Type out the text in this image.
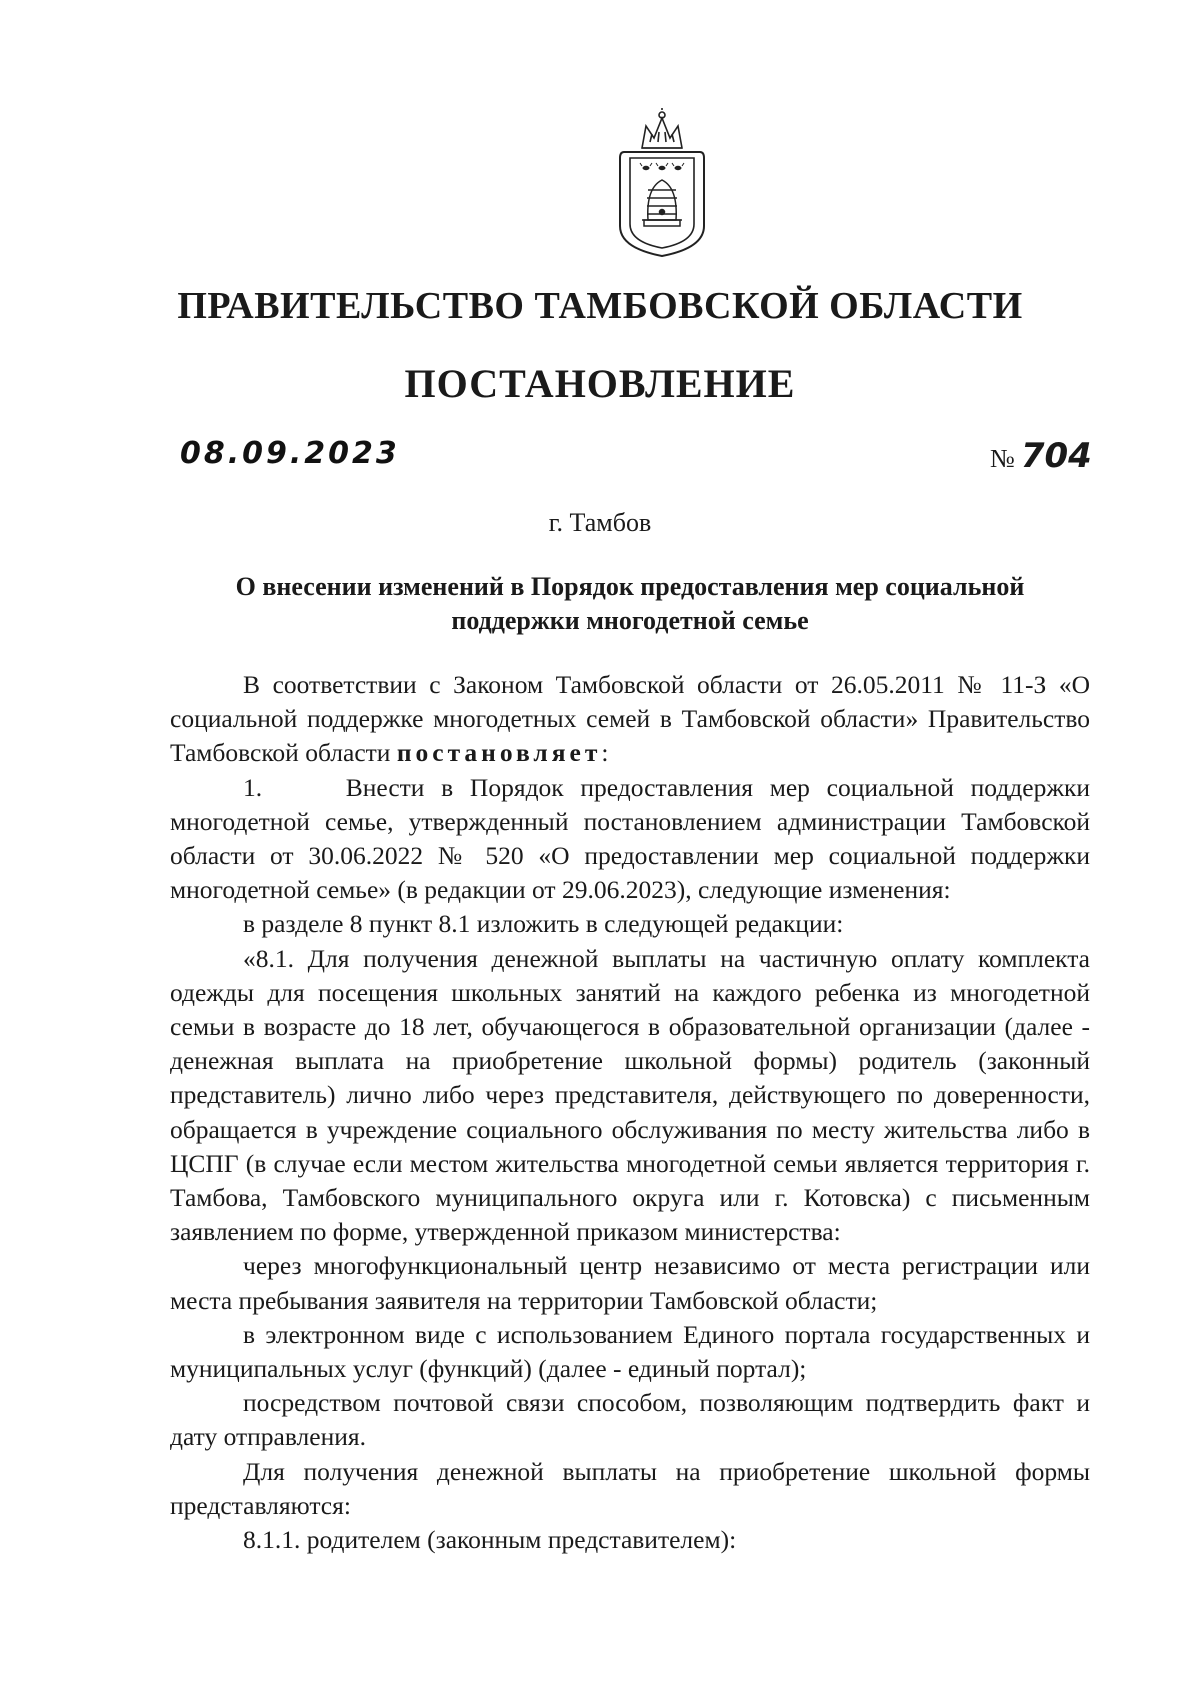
ПРАВИТЕЛЬСТВО ТАМБОВСКОЙ ОБЛАСТИ
ПОСТАНОВЛЕНИЕ
08.09.2023	№ 704
г. Тамбов
О внесении изменений в Порядок предоставления мер социальной
поддержки многодетной семье

В соответствии с Законом Тамбовской области от 26.05.2011 № 11-З «О социальной поддержке многодетных семей в Тамбовской области» Правительство Тамбовской области постановляет:

1.     Внести в Порядок предоставления мер социальной поддержки многодетной семье, утвержденный постановлением администрации Тамбовской области от 30.06.2022 № 520 «О предоставлении мер социальной поддержки многодетной семье» (в редакции от 29.06.2023), следующие изменения:

в разделе 8 пункт 8.1 изложить в следующей редакции:

«8.1. Для получения денежной выплаты на частичную оплату комплекта одежды для посещения школьных занятий на каждого ребенка из многодетной семьи в возрасте до 18 лет, обучающегося в образовательной организации (далее - денежная выплата на приобретение школьной формы) родитель (законный представитель) лично либо через представителя, действующего по доверенности, обращается в учреждение социального обслуживания по месту жительства либо в ЦСПГ (в случае если местом жительства многодетной семьи является территория г. Тамбова, Тамбовского муниципального округа или г. Котовска) с письменным заявлением по форме, утвержденной приказом министерства:

через многофункциональный центр независимо от места регистрации или места пребывания заявителя на территории Тамбовской области;

в электронном виде с использованием Единого портала государственных и муниципальных услуг (функций) (далее - единый портал);

посредством почтовой связи способом, позволяющим подтвердить факт и дату отправления.

Для получения денежной выплаты на приобретение школьной формы представляются:

8.1.1. родителем (законным представителем):
